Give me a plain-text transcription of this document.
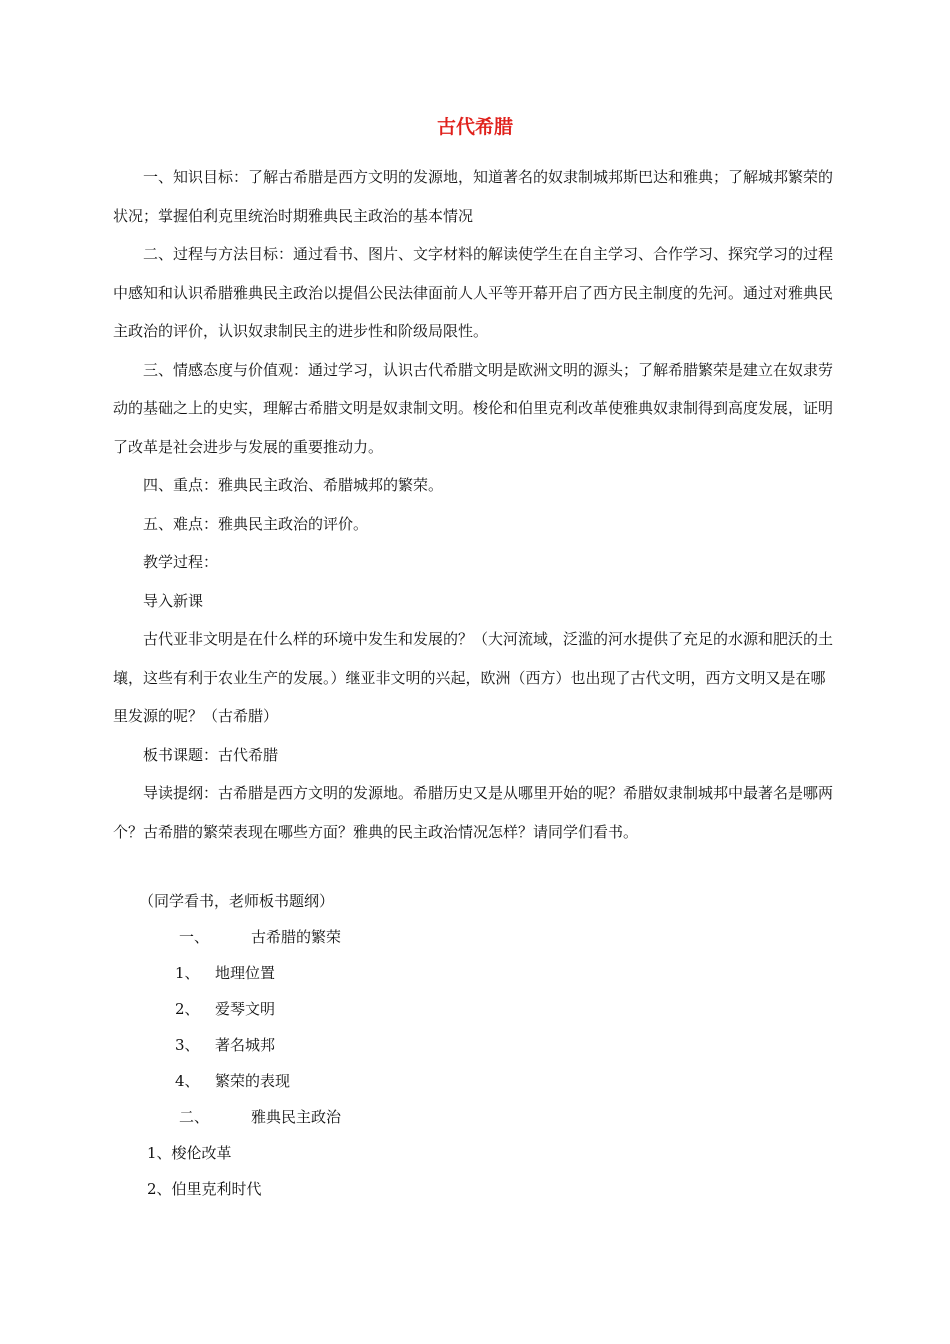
古代希腊

一、知识目标：了解古希腊是西方文明的发源地，知道著名的奴隶制城邦斯巴达和雅典；了解城邦繁荣的状况；掌握伯利克里统治时期雅典民主政治的基本情况

二、过程与方法目标：通过看书、图片、文字材料的解读使学生在自主学习、合作学习、探究学习的过程中感知和认识希腊雅典民主政治以提倡公民法律面前人人平等开幕开启了西方民主制度的先河。通过对雅典民主政治的评价，认识奴隶制民主的进步性和阶级局限性。

三、情感态度与价值观：通过学习，认识古代希腊文明是欧洲文明的源头；了解希腊繁荣是建立在奴隶劳动的基础之上的史实，理解古希腊文明是奴隶制文明。梭伦和伯里克利改革使雅典奴隶制得到高度发展，证明了改革是社会进步与发展的重要推动力。

四、重点：雅典民主政治、希腊城邦的繁荣。

五、难点：雅典民主政治的评价。

教学过程：

导入新课

古代亚非文明是在什么样的环境中发生和发展的？（大河流域，泛滥的河水提供了充足的水源和肥沃的土壤，这些有利于农业生产的发展。）继亚非文明的兴起，欧洲（西方）也出现了古代文明，西方文明又是在哪里发源的呢？（古希腊）

板书课题：古代希腊

导读提纲：古希腊是西方文明的发源地。希腊历史又是从哪里开始的呢？希腊奴隶制城邦中最著名是哪两个？古希腊的繁荣表现在哪些方面？雅典的民主政治情况怎样？请同学们看书。

（同学看书，老师板书题纲）
一、	古希腊的繁荣
1、 地理位置
2、 爱琴文明
3、 著名城邦
4、 繁荣的表现
二、	雅典民主政治
1、梭伦改革
2、伯里克利时代
